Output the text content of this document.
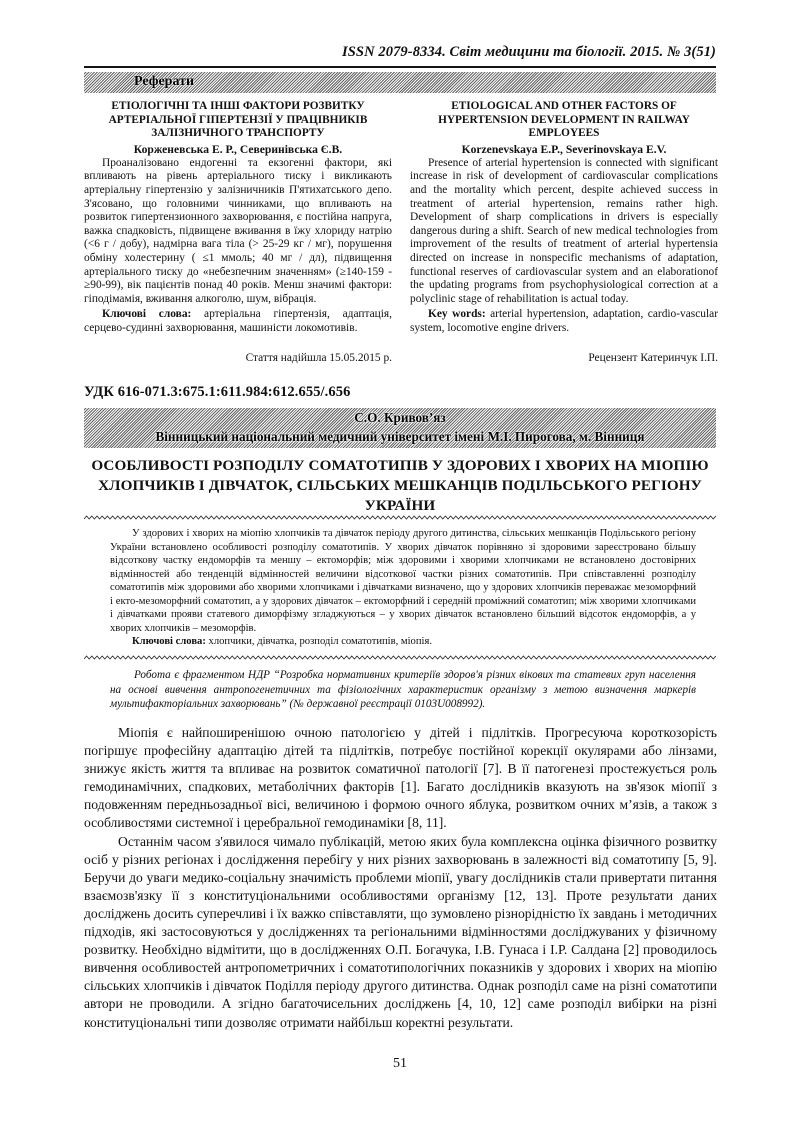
ISSN 2079-8334. Світ медицини та біології. 2015. № 3(51)
Реферати
ЕТІОЛОГІЧНІ ТА ІНШІ ФАКТОРИ РОЗВИТКУ АРТЕРІАЛЬНОЇ ГІПЕРТЕНЗІЇ У ПРАЦІВНИКІВ ЗАЛІЗНИЧНОГО ТРАНСПОРТУ
Корженевська Е. Р., Северинівська Є.В.

Проаналізовано ендогенні та екзогенні фактори, які впливають на рівень артеріального тиску і викликають артеріальну гіпертензію у залізничників П'ятихатського депо. З'ясовано, що головними чинниками, що впливають на розвиток гипертензионного захворювання, є постійна напруга, важка спадковість, підвищене вживання в їжу хлориду натрію (<6 г / добу), надмірна вага тіла (> 25-29 кг / мг), порушення обміну холестерину ( ≤1 ммоль; 40 мг / дл), підвищення артеріального тиску до «небезпечним значенням» (≥140-159 - ≥90-99), вік пацієнтів понад 40 років. Менш значимі фактори: гіподімамія, вживання алкоголю, шум, вібрація.

Ключові слова: артеріальна гіпертензія, адаптація, серцево-судинні захворювання, машиністи локомотивів.

ETIOLOGICAL AND OTHER FACTORS OF HYPERTENSION DEVELOPMENT IN RAILWAY EMPLOYEES
Korzenevskaya E.P., Severinovskaya E.V.

Presence of arterial hypertension is connected with significant increase in risk of development of cardiovascular complications and the mortality which percent, despite achieved success in treatment of arterial hypertension, remains rather high. Development of sharp complications in drivers is especially dangerous during a shift. Search of new medical technologies from improvement of the results of treatment of arterial hypertensia directed on increase in nonspecific mechanisms of adaptation, functional reserves of cardiovascular system and an elaborationof the updating programs from psychophysiological correction at a polyclinic stage of rehabilitation is actual today.

Key words: arterial hypertension, adaptation, cardio-vascular system, locomotive engine drivers.

Стаття надійшла 15.05.2015 р.	Рецензент Катеринчук І.П.
УДК 616-071.3:675.1:611.984:612.655/.656
С.О. Кривов’яз
Вінницький національний медичний університет імені М.І. Пирогова, м. Вінниця
ОСОБЛИВОСТІ РОЗПОДІЛУ СОМАТОТИПІВ У ЗДОРОВИХ І ХВОРИХ НА МІОПІЮ ХЛОПЧИКІВ І ДІВЧАТОК, СІЛЬСЬКИХ МЕШКАНЦІВ ПОДІЛЬСЬКОГО РЕГІОНУ УКРАЇНИ

У здорових і хворих на міопію хлопчиків та дівчаток періоду другого дитинства, сільських мешканців Подільського регіону України встановлено особливості розподілу соматотипів. У хворих дівчаток порівняно зі здоровими зареєстровано більшу відсоткову частку ендоморфів та меншу – ектоморфів; між здоровими і хворими хлопчиками не встановлено достовірних відмінностей або тенденцій відмінностей величини відсоткової частки різних соматотипів. При співставленні розподілу соматотипів між здоровими або хворими хлопчиками і дівчатками визначено, що у здорових хлопчиків переважає мезоморфний і екто-мезоморфний соматотип, а у здорових дівчаток – ектоморфний і середній проміжний соматотип; між хворими хлопчиками і дівчатками прояви статевого диморфізму згладжуються – у хворих дівчаток встановлено більший відсоток ендоморфів, а у хворих хлопчиків – мезоморфів.

Ключові слова: хлопчики, дівчатка, розподіл соматотипів, міопія.

Робота є фрагментом НДР “Розробка нормативних критеріїв здоров'я різних вікових та статевих груп населення на основі вивчення антропогенетичних та фізіологічних характеристик організму з метою визначення маркерів мультифакторіальних захворювань” (№ державної реєстрації 0103U008992).

Міопія є найпоширенішою очною патологією у дітей і підлітків. Прогресуюча короткозорість погіршує професійну адаптацію дітей та підлітків, потребує постійної корекції окулярами або лінзами, знижує якість життя та впливає на розвиток соматичної патології [7]. В її патогенезі простежується роль гемодинамічних, спадкових, метаболічних факторів [1]. Багато дослідників вказують на зв'язок міопії з подовженням передньозадньої вісі, величиною і формою очного яблука, розвитком очних м’язів, а також з особливостями системної і церебральної гемодинаміки [8, 11].

Останнім часом з'явилося чимало публікацій, метою яких була комплексна оцінка фізичного розвитку осіб у різних регіонах і дослідження перебігу у них різних захворювань в залежності від соматотипу [5, 9]. Беручи до уваги медико-соціальну значимість проблеми міопії, увагу дослідників стали привертати питання взаємозв'язку її з конституціональними особливостями організму [12, 13]. Проте результати даних досліджень досить суперечливі і їх важко співставляти, що зумовлено різнорідністю їх завдань і методичних підходів, які застосовуються у дослідженнях та регіональними відмінностями досліджуваних у фізичному розвитку. Необхідно відмітити, що в дослідженнях О.П. Богачука, І.В. Гунаса і І.Р. Салдана [2] проводилось вивчення особливостей антропометричних і соматотипологічних показників у здорових і хворих на міопію сільських хлопчиків і дівчаток Поділля періоду другого дитинства. Однак розподіл саме на різні соматотипи автори не проводили. А згідно багаточисельних досліджень [4, 10, 12] саме розподіл вибірки на різні конституціональні типи дозволяє отримати найбільш коректні результати.

51
